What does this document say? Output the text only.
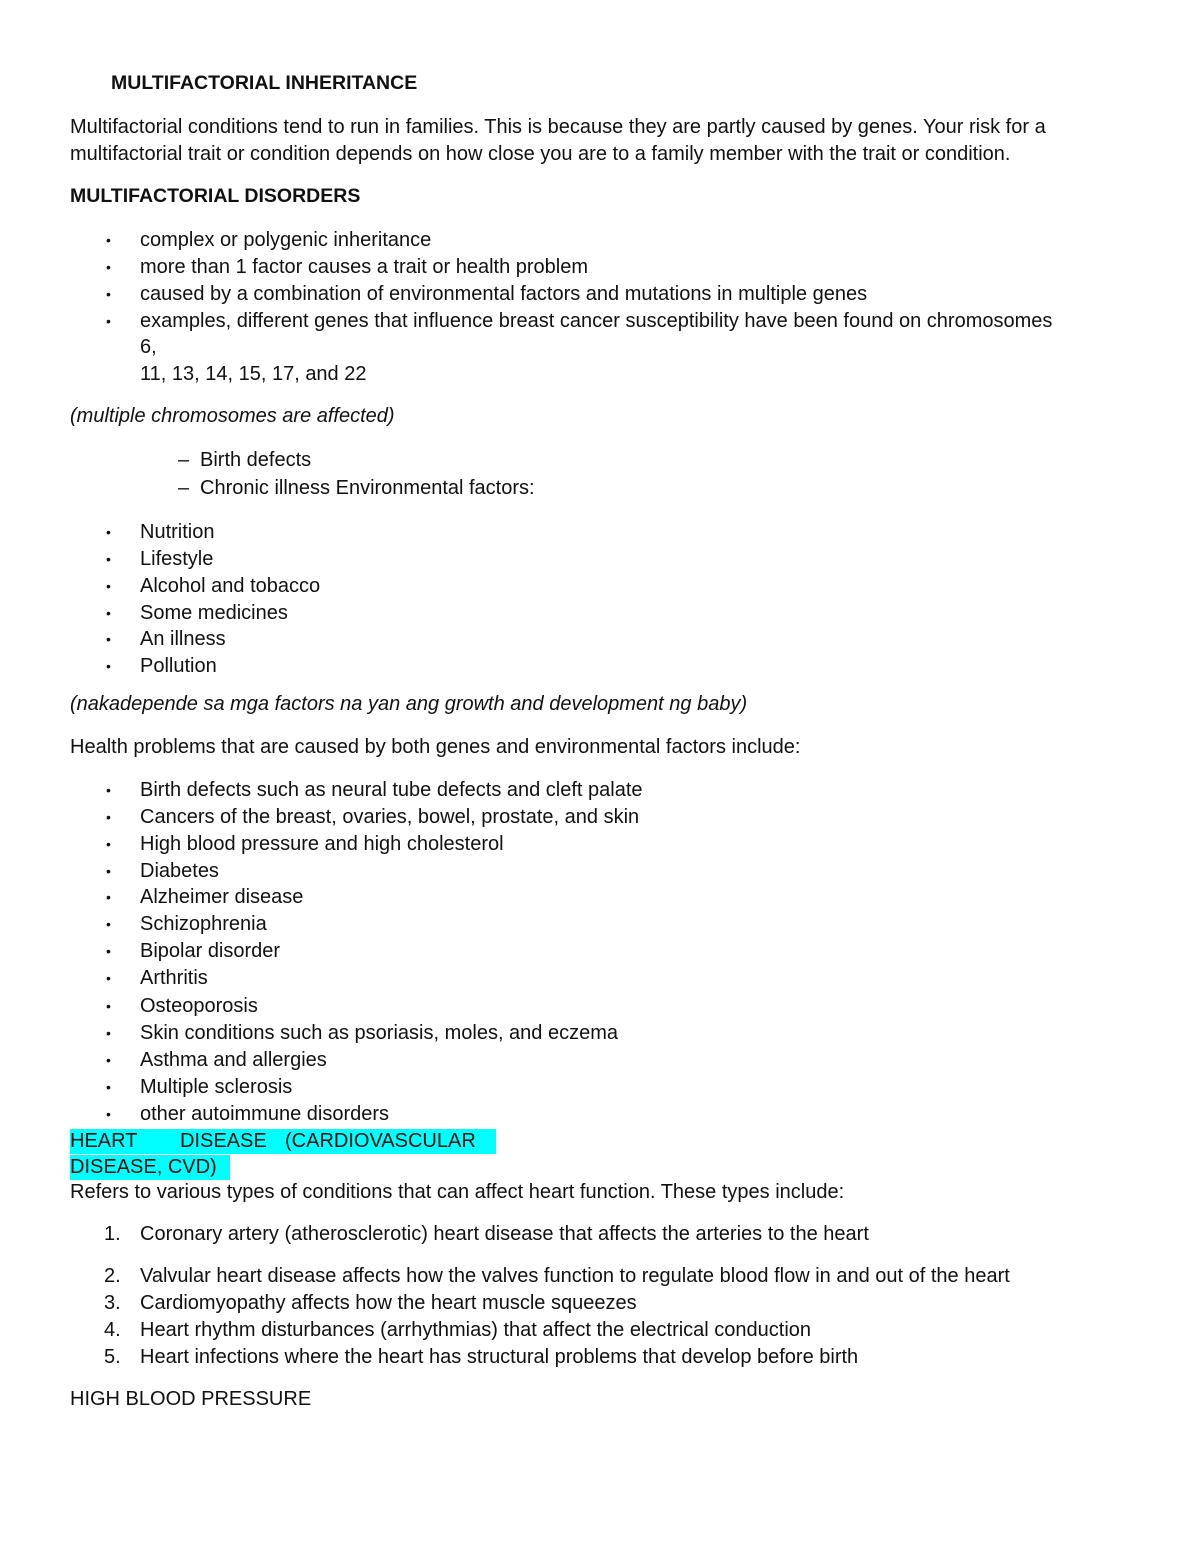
MULTIFACTORIAL INHERITANCE
Multifactorial conditions tend to run in families. This is because they are partly caused by genes. Your risk for a
multifactorial trait or condition depends on how close you are to a family member with the trait or condition.
MULTIFACTORIAL DISORDERS
• complex or polygenic inheritance
• more than 1 factor causes a trait or health problem
• caused by a combination of environmental factors and mutations in multiple genes
• examples, different genes that influence breast cancer susceptibility have been found on chromosomes
6,
11, 13, 14, 15, 17, and 22
(multiple chromosomes are affected)
– Birth defects
– Chronic illness Environmental factors:
• Nutrition
• Lifestyle
• Alcohol and tobacco
• Some medicines
• An illness
• Pollution
(nakadepende sa mga factors na yan ang growth and development ng baby)
Health problems that are caused by both genes and environmental factors include:
• Birth defects such as neural tube defects and cleft palate
• Cancers of the breast, ovaries, bowel, prostate, and skin
• High blood pressure and high cholesterol
• Diabetes
• Alzheimer disease
• Schizophrenia
• Bipolar disorder
• Arthritis
• Osteoporosis
• Skin conditions such as psoriasis, moles, and eczema
• Asthma and allergies
• Multiple sclerosis
• other autoimmune disorders
HEART DISEASE (CARDIOVASCULAR
DISEASE, CVD)
Refers to various types of conditions that can affect heart function. These types include:
1. Coronary artery (atherosclerotic) heart disease that affects the arteries to the heart
2. Valvular heart disease affects how the valves function to regulate blood flow in and out of the heart
3. Cardiomyopathy affects how the heart muscle squeezes
4. Heart rhythm disturbances (arrhythmias) that affect the electrical conduction
5. Heart infections where the heart has structural problems that develop before birth
HIGH BLOOD PRESSURE
